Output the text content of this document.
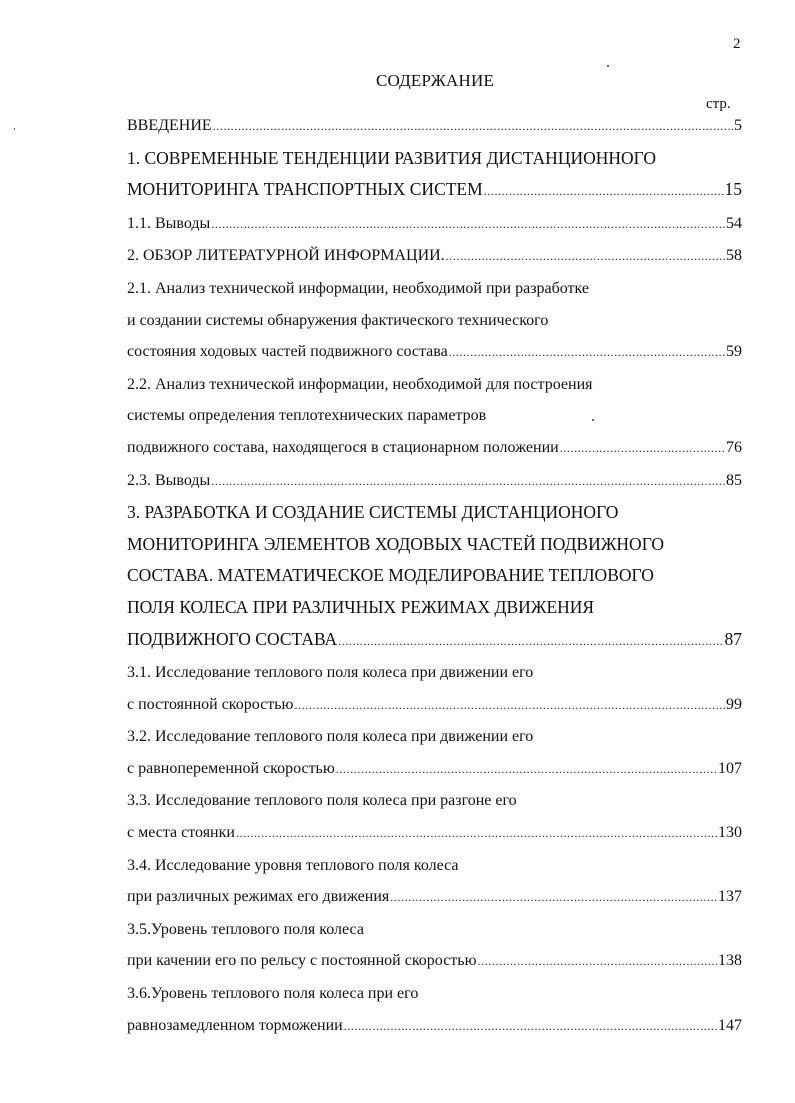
2
СОДЕРЖАНИЕ
стр.
ВВЕДЕНИЕ .....	5
1. СОВРЕМЕННЫЕ ТЕНДЕНЦИИ РАЗВИТИЯ ДИСТАНЦИОННОГО
МОНИТОРИНГА ТРАНСПОРТНЫХ СИСТЕМ .....	15
1.1. Выводы .....	54
2. ОБЗОР ЛИТЕРАТУРНОЙ ИНФОРМАЦИИ. .....	58
2.1. Анализ технической информации, необходимой при разработке
и создании системы обнаружения фактического технического
состояния ходовых частей подвижного состава .....	59
2.2. Анализ технической информации, необходимой для построения
системы определения теплотехнических параметров
подвижного состава, находящегося в стационарном положении .....	76
2.3. Выводы .....	85
3. РАЗРАБОТКА И СОЗДАНИЕ СИСТЕМЫ ДИСТАНЦИОНОГО
МОНИТОРИНГА ЭЛЕМЕНТОВ ХОДОВЫХ ЧАСТЕЙ ПОДВИЖНОГО
СОСТАВА. МАТЕМАТИЧЕСКОЕ МОДЕЛИРОВАНИЕ ТЕПЛОВОГО
ПОЛЯ КОЛЕСА ПРИ РАЗЛИЧНЫХ РЕЖИМАХ ДВИЖЕНИЯ
ПОДВИЖНОГО СОСТАВА .....	87
3.1. Исследование теплового поля колеса при движении его
с постоянной скоростью .....	99
3.2. Исследование теплового поля колеса при движении его
с равнопеременной скоростью .....	107
3.3. Исследование теплового поля колеса при разгоне его
с места стоянки .....	130
3.4. Исследование уровня теплового поля колеса
при различных режимах его движения .....	137
3.5.Уровень теплового поля колеса
при качении его по рельсу с постоянной скоростью .....	138
3.6.Уровень теплового поля колеса при его
равнозамедленном торможении .....	147
